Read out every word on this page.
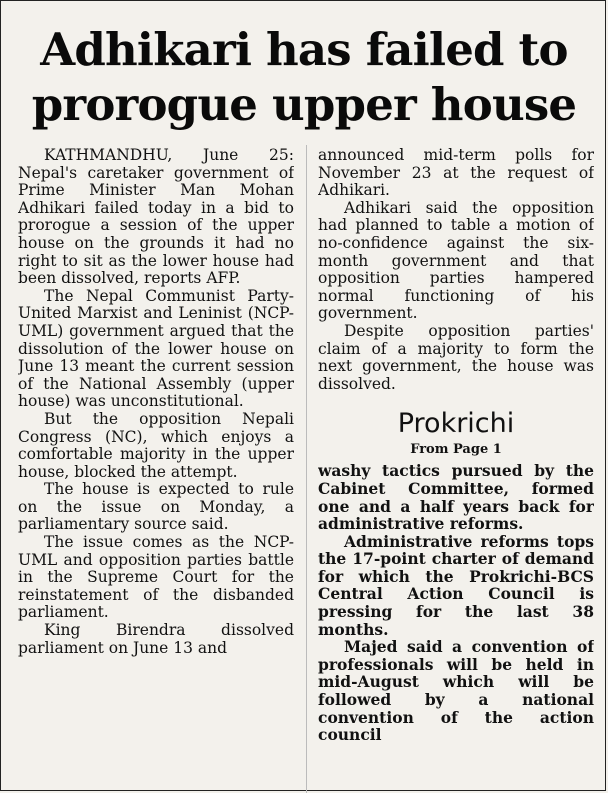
Adhikari has failed to
prorogue upper house

KATHMANDHU, June 25: Nepal's caretaker government of Prime Minister Man Mohan Adhikari failed today in a bid to prorogue a session of the upper house on the grounds it had no right to sit as the lower house had been dissolved, reports AFP.

The Nepal Communist Party-United Marxist and Leninist (NCP-UML) government argued that the dissolution of the lower house on June 13 meant the current session of the National Assembly (upper house) was unconstitutional.

But the opposition Nepali Congress (NC), which enjoys a comfortable majority in the upper house, blocked the attempt.

The house is expected to rule on the issue on Monday, a parliamentary source said.

The issue comes as the NCP-UML and opposition parties battle in the Supreme Court for the reinstatement of the disbanded parliament.

King Birendra dissolved parliament on June 13 and

announced mid-term polls for November 23 at the request of Adhikari.

Adhikari said the opposition had planned to table a motion of no-confidence against the six-month government and that opposition parties hampered normal functioning of his government.

Despite opposition parties' claim of a majority to form the next government, the house was dissolved.

Prokrichi
From Page 1

washy tactics pursued by the Cabinet Committee, formed one and a half years back for administrative reforms.

Administrative reforms tops the 17-point charter of demand for which the Prokrichi-BCS Central Action Council is pressing for the last 38 months.

Majed said a convention of professionals will be held in mid-August which will be followed by a national convention of the action council
